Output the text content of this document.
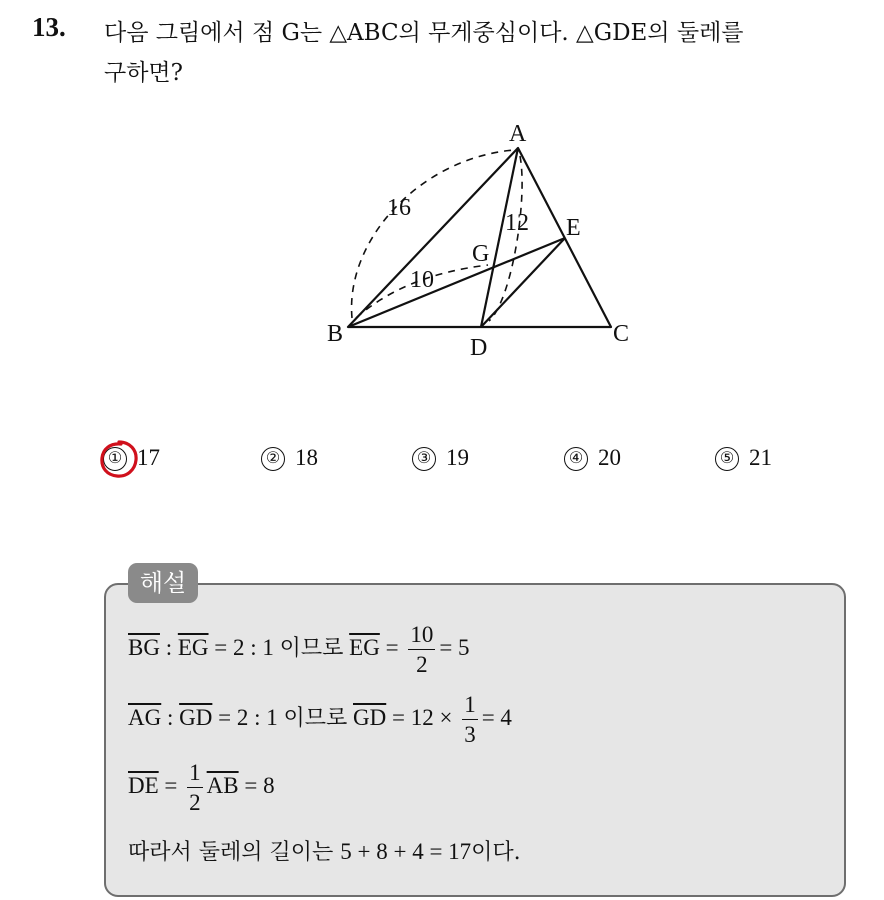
13. 다음 그림에서 점 G는 △ABC의 무게중심이다. △GDE의 둘레를
구하면?
A
B	C
D
E
G
16
12
10
① 17	② 18	③ 19	④ 20	⑤ 21
해설
$\overline{BG}$ : $\overline{EG} = 2$ : 1 이므로 $\overline{EG} = \frac{10}{2} = 5$
$\overline{AG}$ : $\overline{GD} = 2$ : 1 이므로 $\overline{GD} = 12 \times \frac{1}{3} = 4$
$\overline{DE} = \frac{1}{2} \overline{AB} = 8$
따라서 둘레의 길이는 5 + 8 + 4 = 17이다.
